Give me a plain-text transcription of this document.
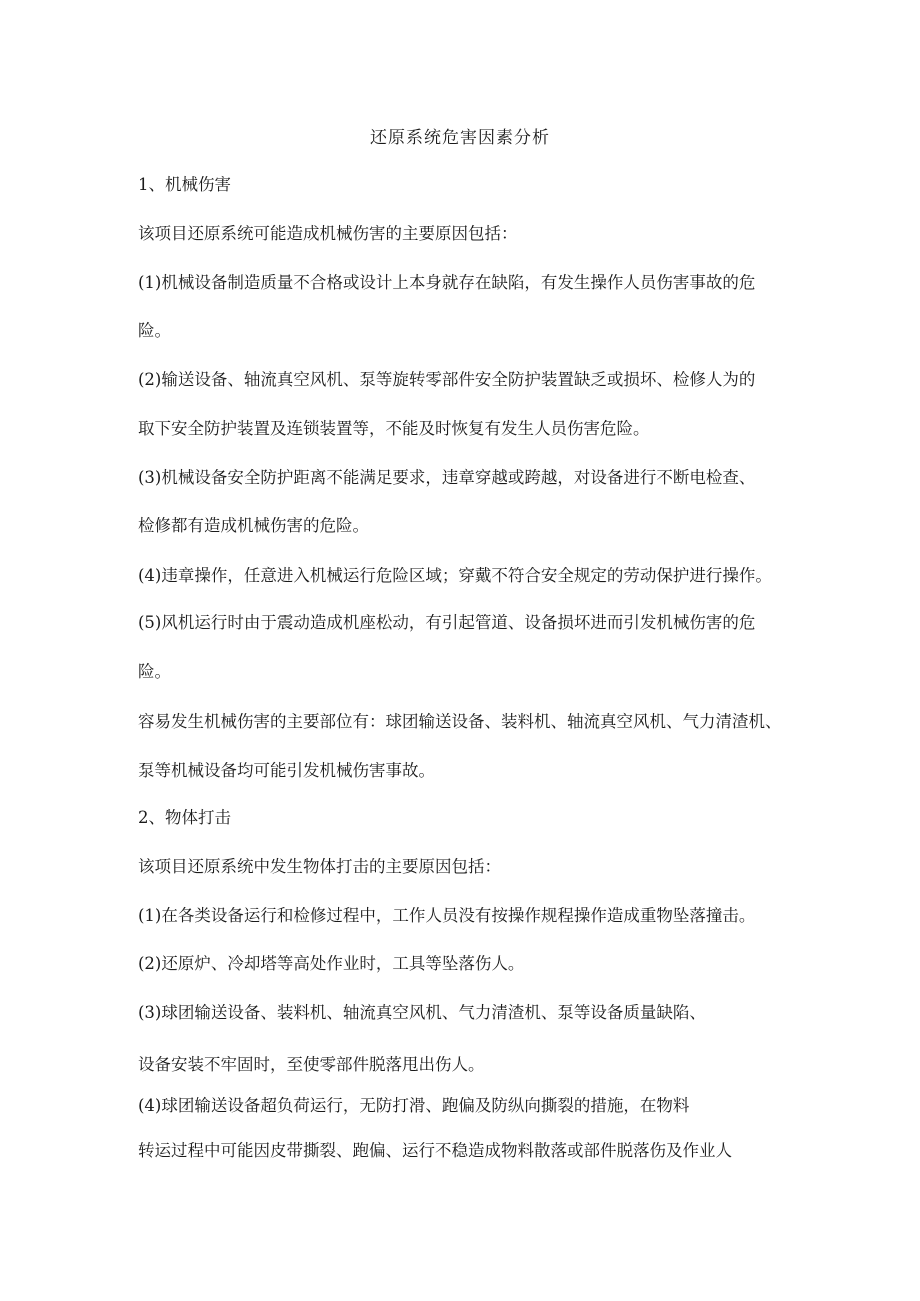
还原系统危害因素分析

1、机械伤害

该项目还原系统可能造成机械伤害的主要原因包括：

(1)机械设备制造质量不合格或设计上本身就存在缺陷，有发生操作人员伤害事故的危

险。

(2)输送设备、轴流真空风机、泵等旋转零部件安全防护装置缺乏或损坏、检修人为的

取下安全防护装置及连锁装置等，不能及时恢复有发生人员伤害危险。

(3)机械设备安全防护距离不能满足要求，违章穿越或跨越，对设备进行不断电检查、

检修都有造成机械伤害的危险。

(4)违章操作，任意进入机械运行危险区域；穿戴不符合安全规定的劳动保护进行操作。

(5)风机运行时由于震动造成机座松动，有引起管道、设备损坏进而引发机械伤害的危

险。

容易发生机械伤害的主要部位有：球团输送设备、装料机、轴流真空风机、气力清渣机、

泵等机械设备均可能引发机械伤害事故。

2、物体打击

该项目还原系统中发生物体打击的主要原因包括：

(1)在各类设备运行和检修过程中，工作人员没有按操作规程操作造成重物坠落撞击。

(2)还原炉、冷却塔等高处作业时，工具等坠落伤人。

(3)球团输送设备、装料机、轴流真空风机、气力清渣机、泵等设备质量缺陷、

设备安装不牢固时，至使零部件脱落甩出伤人。

(4)球团输送设备超负荷运行，无防打滑、跑偏及防纵向撕裂的措施，在物料

转运过程中可能因皮带撕裂、跑偏、运行不稳造成物料散落或部件脱落伤及作业人
